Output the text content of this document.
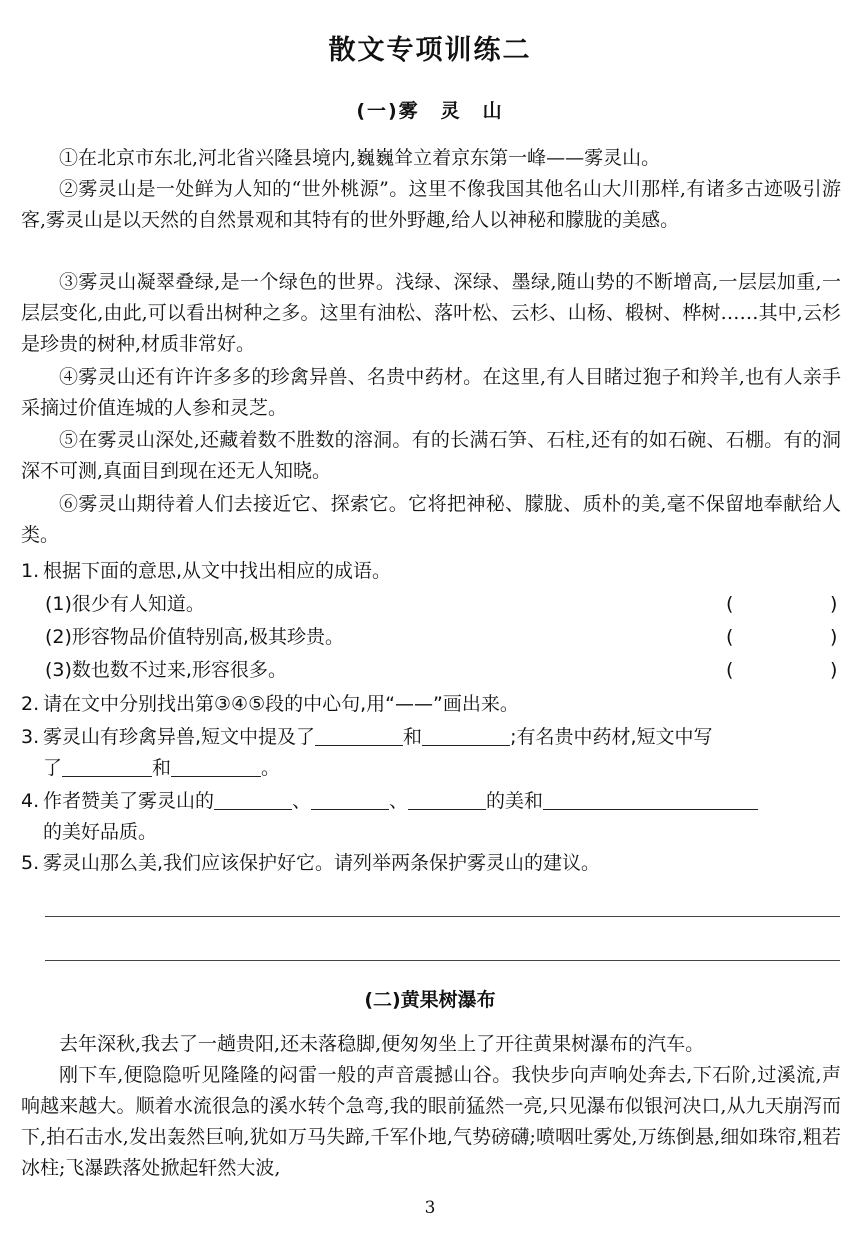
散文专项训练二
(一)雾　灵　山

①在北京市东北,河北省兴隆县境内,巍巍耸立着京东第一峰——雾灵山。

②雾灵山是一处鲜为人知的“世外桃源”。这里不像我国其他名山大川那样,有诸多古迹吸引游客,雾灵山是以天然的自然景观和其特有的世外野趣,给人以神秘和朦胧的美感。

③雾灵山凝翠叠绿,是一个绿色的世界。浅绿、深绿、墨绿,随山势的不断增高,一层层加重,一层层变化,由此,可以看出树种之多。这里有油松、落叶松、云杉、山杨、椴树、桦树……其中,云杉是珍贵的树种,材质非常好。

④雾灵山还有许许多多的珍禽异兽、名贵中药材。在这里,有人目睹过狍子和羚羊,也有人亲手采摘过价值连城的人参和灵芝。

⑤在雾灵山深处,还藏着数不胜数的溶洞。有的长满石笋、石柱,还有的如石碗、石棚。有的洞深不可测,真面目到现在还无人知晓。

⑥雾灵山期待着人们去接近它、探索它。它将把神秘、朦胧、质朴的美,毫不保留地奉献给人类。

1. 根据下面的意思,从文中找出相应的成语。
(1)很少有人知道。	(	)
(2)形容物品价值特别高,极其珍贵。	(	)
(3)数也数不过来,形容很多。	(	)
2. 请在文中分别找出第③④⑤段的中心句,用“——”画出来。
3. 雾灵山有珍禽异兽,短文中提及了	和	;有名贵中药材,短文中写
了	和	。
4. 作者赞美了雾灵山的	、	、	的美和
的美好品质。
5. 雾灵山那么美,我们应该保护好它。请列举两条保护雾灵山的建议。
(二)黄果树瀑布

去年深秋,我去了一趟贵阳,还未落稳脚,便匆匆坐上了开往黄果树瀑布的汽车。

刚下车,便隐隐听见隆隆的闷雷一般的声音震撼山谷。我快步向声响处奔去,下石阶,过溪流,声响越来越大。顺着水流很急的溪水转个急弯,我的眼前猛然一亮,只见瀑布似银河决口,从九天崩泻而下,拍石击水,发出轰然巨响,犹如万马失蹄,千军仆地,气势磅礴;喷咽吐雾处,万练倒悬,细如珠帘,粗若冰柱;飞瀑跌落处掀起轩然大波,

3
